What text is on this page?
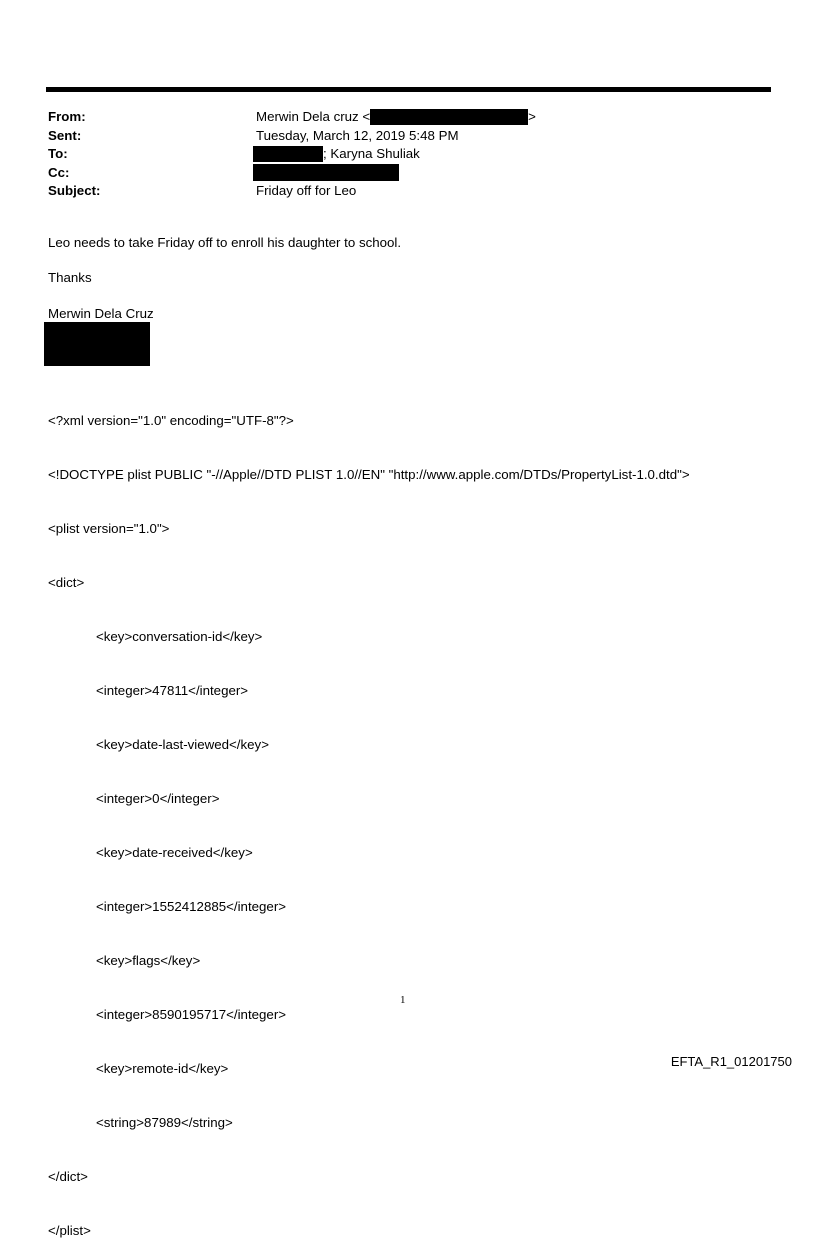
From:	Merwin Dela cruz <	>
Sent:	Tuesday, March 12, 2019 5:48 PM
To:	; Karyna Shuliak
Cc:
Subject:	Friday off for Leo
Leo needs to take Friday off to enroll his daughter to school.
Thanks
Merwin Dela Cruz

<?xml version="1.0" encoding="UTF-8"?>

<!DOCTYPE plist PUBLIC "-//Apple//DTD PLIST 1.0//EN" "http://www.apple.com/DTDs/PropertyList-1.0.dtd">

<plist version="1.0">

<dict>

<key>conversation-id</key>

<integer>47811</integer>

<key>date-last-viewed</key>

<integer>0</integer>

<key>date-received</key>

<integer>1552412885</integer>

<key>flags</key>

<integer>8590195717</integer>

<key>remote-id</key>

<string>87989</string>

</dict>

</plist>

1
EFTA_R1_01201750
